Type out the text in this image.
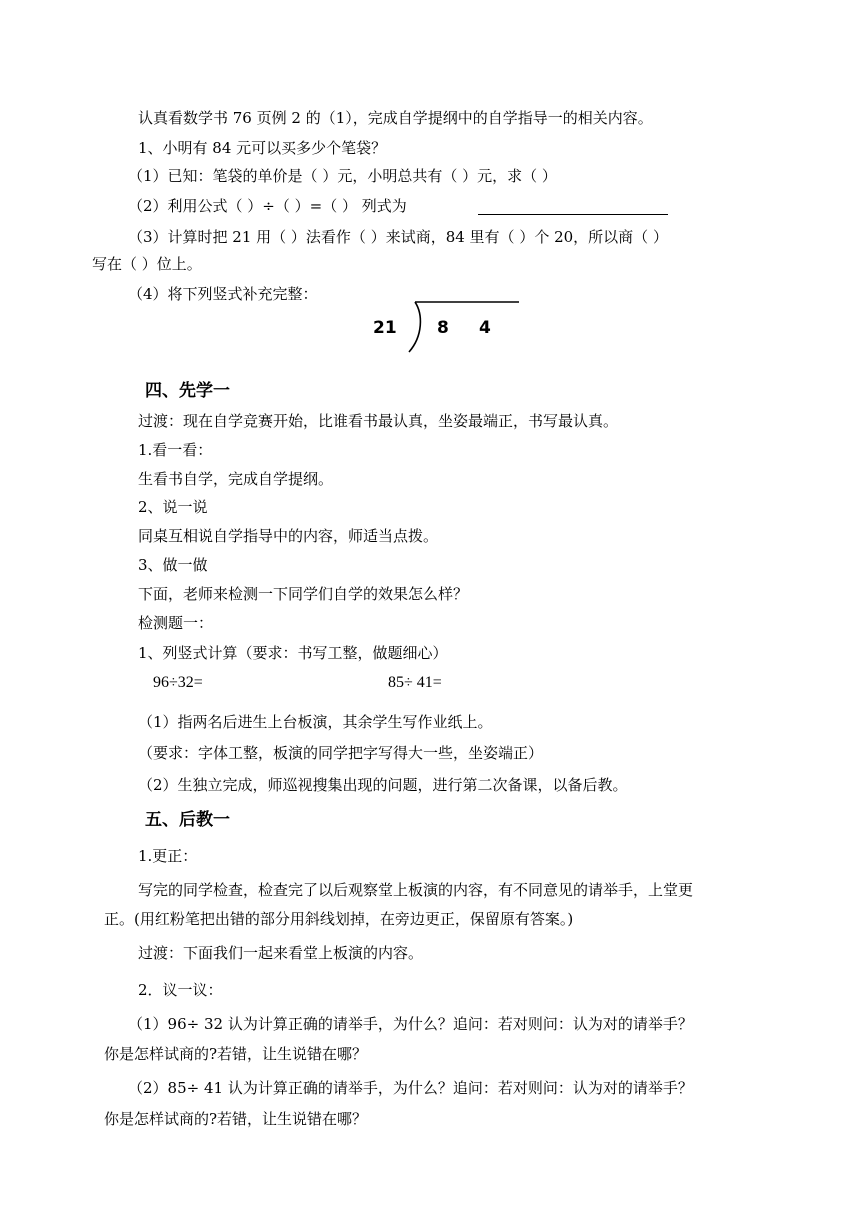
认真看数学书 76 页例 2 的（1），完成自学提纲中的自学指导一的相关内容。
1、小明有 84 元可以买多少个笔袋？
（1）已知：笔袋的单价是（ ）元，小明总共有（ ）元，求（ ）
（2）利用公式（ ）÷（ ）=（ ） 列式为
（3）计算时把 21 用（ ）法看作（ ）来试商，84 里有（ ）个 20，所以商（ ）
写在（ ）位上。
（4）将下列竖式补充完整：
21 8 4
四、先学一
过渡：现在自学竞赛开始，比谁看书最认真，坐姿最端正，书写最认真。
1.看一看：
生看书自学，完成自学提纲。
2、说一说
同桌互相说自学指导中的内容，师适当点拨。
3、做一做
下面，老师来检测一下同学们自学的效果怎么样？
检测题一：
1、列竖式计算（要求：书写工整，做题细心）
96÷32=	85÷ 41=
（1）指两名后进生上台板演，其余学生写作业纸上。
（要求：字体工整，板演的同学把字写得大一些，坐姿端正）
（2）生独立完成，师巡视搜集出现的问题，进行第二次备课，以备后教。
五、后教一
1.更正：
写完的同学检查，检查完了以后观察堂上板演的内容，有不同意见的请举手，上堂更
正。(用红粉笔把出错的部分用斜线划掉，在旁边更正，保留原有答案。)
过渡：下面我们一起来看堂上板演的内容。
2．议一议：
（1）96÷ 32 认为计算正确的请举手，为什么？追问：若对则问：认为对的请举手？
你是怎样试商的?若错，让生说错在哪？
（2）85÷ 41 认为计算正确的请举手，为什么？追问：若对则问：认为对的请举手？
你是怎样试商的?若错，让生说错在哪？
